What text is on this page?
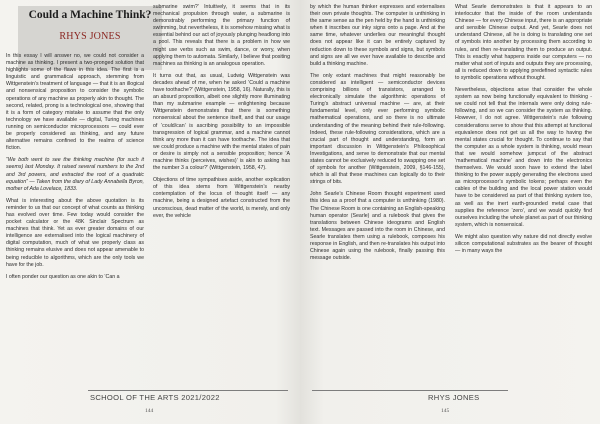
Could a Machine Think?
RHYS JONES

In this essay I will answer no, we could not consider a machine as thinking. I present a two-pronged solution that highlights some of the flaws in this idea. The first is a linguistic and grammatical approach, stemming from Wittgenstein’s treatment of language — that it is an illogical and nonsensical proposition to consider the symbolic operations of any machine as properly akin to thought. The second, related, prong is a technological one, showing that it is a form of category mistake to assume that the only technology we have available — digital, Turing machines running on semiconductor microprocessors — could ever be properly considered as thinking, and any future alternative remains confined to the realms of science fiction.

“We both went to see the thinking machine (for such it seems) last Monday. It raised several numbers to the 2nd and 3rd powers, and extracted the root of a quadratic equation” — Taken from the diary of Lady Annabella Byron, mother of Ada Lovelace, 1833.

What is interesting about the above quotation is its reminder to us that our concept of what counts as thinking has evolved over time. Few today would consider the pocket calculator or the 48K Sinclair Spectrum as machines that think. Yet as ever greater domains of our intelligence are externalised into the logical machinery of digital computation, much of what we properly class as thinking remains elusive and does not appear amenable to being reducible to algorithms, which are the only tools we have for the job.

I often ponder our question as one akin to ‘Can a

submarine swim?’ Intuitively, it seems that in its mechanical propulsion through water, a submarine is demonstrably performing the primary function of swimming, but nevertheless, it is somehow missing what is essential behind our act of joyously plunging headlong into a pool. This reveals that there is a problem in how we might use verbs such as swim, dance, or worry, when applying them to automata. Similarly, I believe that positing machines as thinking is an analogous operation.

It turns out that, as usual, Ludwig Wittgenstein was decades ahead of me, when he asked ‘Could a machine have toothache?’ (Wittgenstein, 1958, 16). Naturally, this is an absurd proposition, albeit one slightly more illuminating than my submarine example — enlightening because Wittgenstein demonstrates that there is something nonsensical about the sentence itself, and that our usage of ‘could/can’ is ascribing possibility to an impossible transgression of logical grammar, and a machine cannot think any more than it can have toothache. The idea that we could produce a machine with the mental states of pain or desire is simply not a sensible proposition; hence ‘A machine thinks (perceives, wishes)’ is akin to asking has the number 3 a colour?’ (Wittgenstein, 1958, 47).

Objections of time sympathises aside, another explication of this idea stems from Wittgenstein’s nearby contemplation of the locus of thought itself — any machine, being a designed artefact constructed from the unconscious, dead matter of the world, is merely, and only ever, the vehicle

SCHOOL OF THE ARTS 2021/2022
144

by which the human thinker expresses and externalises their own private thoughts. The computer is unthinking in the same sense as the pen held by the hand is unthinking when it inscribes our inky signs onto a page. And at the same time, whatever underlies our meaningful thought does not appear like it can be entirely captured by reduction down to these symbols and signs, but symbols and signs are all we ever have available to describe and build a thinking machine.

The only extant machines that might reasonably be considered as intelligent — semiconductor devices comprising billions of transistors, arranged to electronically simulate the algorithmic operations of Turing’s abstract universal machine — are, at their fundamental level, only ever performing symbolic mathematical operations, and so there is no ultimate understanding of the meaning behind their rule-following. Indeed, these rule-following considerations, which are a crucial part of thought and understanding, form an important discussion in Wittgenstein’s Philosophical Investigations, and serve to demonstrate that our mental states cannot be exclusively reduced to swapping one set of symbols for another (Wittgenstein, 2009, §146-155), which is all that these machines can logically do to their strings of bits.

John Searle’s Chinese Room thought experiment used this idea as a proof that a computer is unthinking (1980). The Chinese Room is one containing an English-speaking human operator (Searle) and a rulebook that gives the translations between Chinese ideograms and English text. Messages are passed into the room in Chinese, and Searle translates them using a rulebook, composes his response in English, and then re-translates his output into Chinese again using the rulebook, finally passing this message outside.

What Searle demonstrates is that it appears to an interlocutor that the inside of the room understands Chinese — for every Chinese input, there is an appropriate and sensible Chinese output. And yet, Searle does not understand Chinese, all he is doing is translating one set of symbols into another by processing them according to rules, and then re-translating them to produce an output. This is exactly what happens inside our computers — no matter what sort of inputs and outputs they are processing, all is reduced down to applying predefined syntactic rules to symbolic operations without thought.

Nevertheless, objections arise that consider the whole system as now being functionally equivalent to thinking - we could not tell that the internals were only doing rule-following, and so we can consider the system as thinking. However, I do not agree. Wittgenstein’s rule following considerations serve to show that this attempt at functional equivalence does not get us all the way to having the mental states crucial for thought. To continue to say that the computer as a whole system is thinking, would mean that we would somehow jumpcut of the abstract ‘mathematical machine’ and down into the electronics themselves. We would soon have to extend the label thinking to the power supply generating the electrons used as microprocessor’s symbolic tokens; perhaps even the cables of the building and the local power station would have to be considered as part of that thinking system too, as well as the inert earth-grounded metal case that supplies the reference ‘zero’, and we would quickly find ourselves including the whole planet as part of our thinking system, which is nonsensical.

We might also question why nature did not directly evolve silicon computational substrates as the bearer of thought — in many ways the

RHYS JONES
145
